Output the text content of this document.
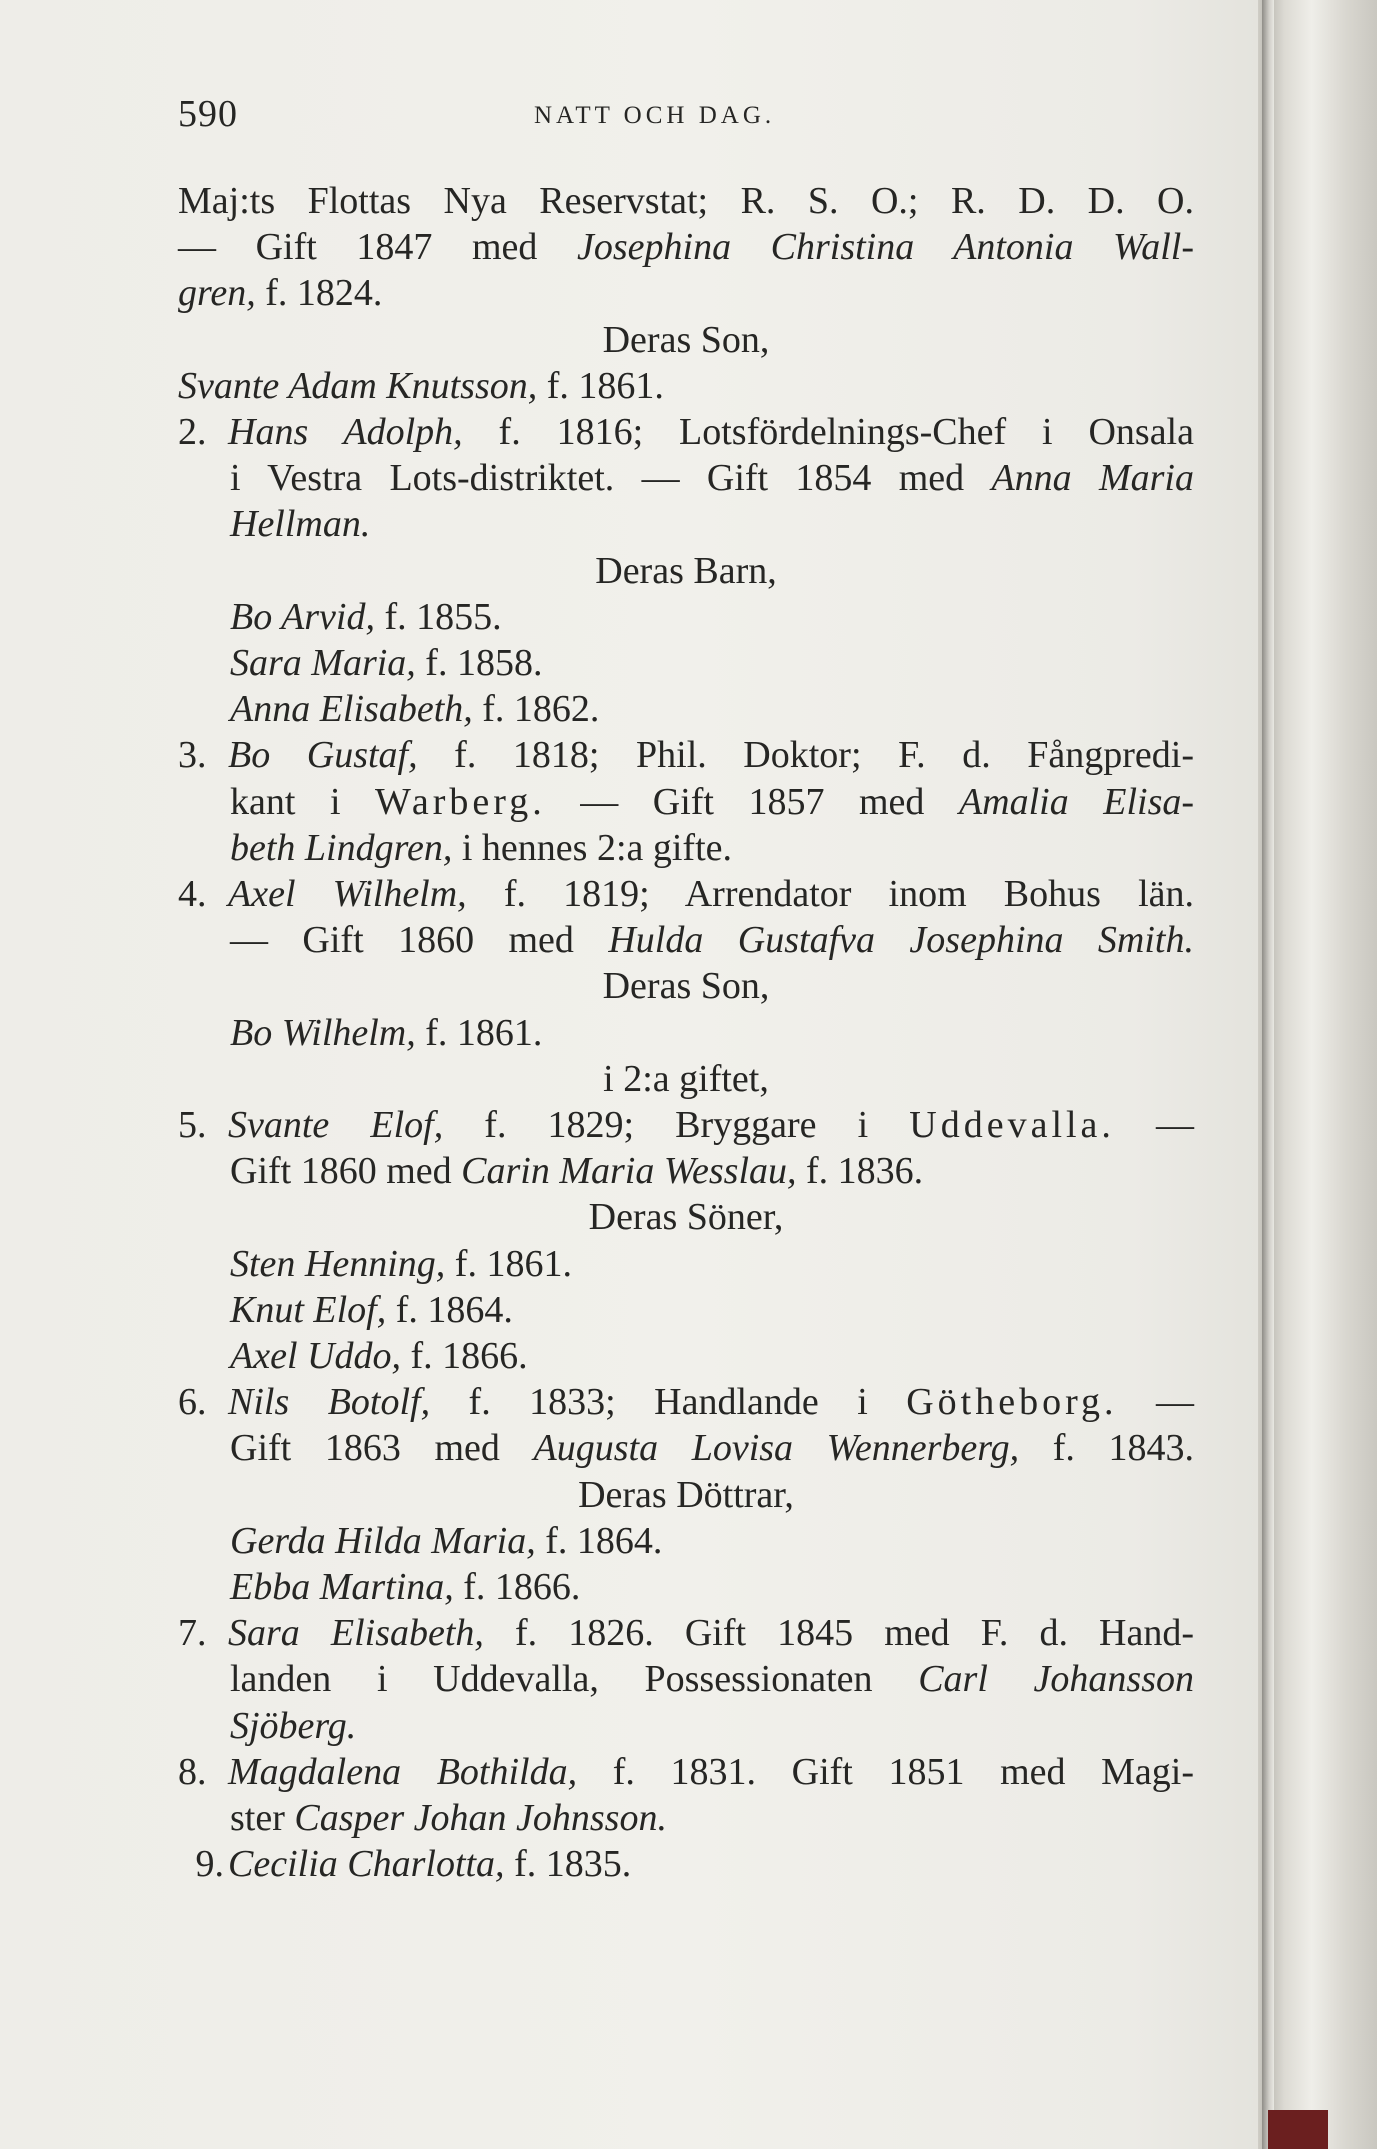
590	NATT OCH DAG.
Maj:ts Flottas Nya Reservstat; R. S. O.; R. D. D. O.
— Gift 1847 med Josephina Christina Antonia Wall-
gren, f. 1824.
Deras Son,
Svante Adam Knutsson, f. 1861.
2. Hans Adolph, f. 1816; Lotsfördelnings-Chef i Onsala
i Vestra Lots-distriktet. — Gift 1854 med Anna Maria
Hellman.
Deras Barn,
Bo Arvid, f. 1855.
Sara Maria, f. 1858.
Anna Elisabeth, f. 1862.
3. Bo Gustaf, f. 1818; Phil. Doktor; F. d. Fångpredi-
kant i Warberg. — Gift 1857 med Amalia Elisa-
beth Lindgren, i hennes 2:a gifte.
4. Axel Wilhelm, f. 1819; Arrendator inom Bohus län.
— Gift 1860 med Hulda Gustafva Josephina Smith.
Deras Son,
Bo Wilhelm, f. 1861.
i 2:a giftet,
5. Svante Elof, f. 1829; Bryggare i Uddevalla. —
Gift 1860 med Carin Maria Wesslau, f. 1836.
Deras Söner,
Sten Henning, f. 1861.
Knut Elof, f. 1864.
Axel Uddo, f. 1866.
6. Nils Botolf, f. 1833; Handlande i Götheborg. —
Gift 1863 med Augusta Lovisa Wennerberg, f. 1843.
Deras Döttrar,
Gerda Hilda Maria, f. 1864.
Ebba Martina, f. 1866.
7. Sara Elisabeth, f. 1826. Gift 1845 med F. d. Hand-
landen i Uddevalla, Possessionaten Carl Johansson
Sjöberg.
8. Magdalena Bothilda, f. 1831. Gift 1851 med Magi-
ster Casper Johan Johnsson.
9. Cecilia Charlotta, f. 1835.
